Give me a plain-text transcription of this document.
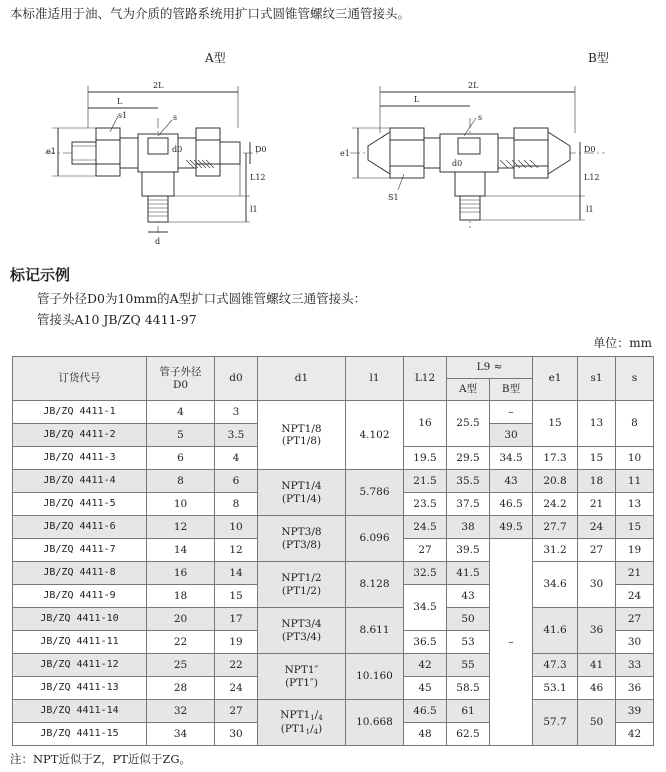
本标准适用于油、气为介质的管路系统用扩口式圆锥管螺纹三通管接头。
A型
2L
L
e1
s1	s
d0	D0
L12
l1
d
B型
2L
L
e1
s
S1
d0
D0
L12
l1
标记示例
管子外径D0为10mm的A型扩口式圆锥管螺纹三通管接头：
管接头A10 JB/ZQ 4411-97
单位：mm
订货代号	管子外径
D0	d0	d1	l1	L12	L9 ≈		e1	s1	s
						A型	B型			
JB/ZQ 4411-1	4	3	NPT1/8
(PT1/8)	4.102	16	25.5	–	15	13	8
JB/ZQ 4411-2	5	3.5					30			
JB/ZQ 4411-3	6	4			19.5	29.5	34.5	17.3	15	10
JB/ZQ 4411-4	8	6	NPT1/4
(PT1/4)	5.786	21.5	35.5	43	20.8	18	11
JB/ZQ 4411-5	10	8			23.5	37.5	46.5	24.2	21	13
JB/ZQ 4411-6	12	10	NPT3/8
(PT3/8)	6.096	24.5	38	49.5	27.7	24	15
JB/ZQ 4411-7	14	12			27	39.5	–	31.2	27	19
JB/ZQ 4411-8	16	14	NPT1/2
(PT1/2)	8.128	32.5	41.5		34.6	30	21
JB/ZQ 4411-9	18	15			34.5	43				24
JB/ZQ 4411-10	20	17	NPT3/4
(PT3/4)	8.611		50		41.6	36	27
JB/ZQ 4411-11	22	19			36.5	53				30
JB/ZQ 4411-12	25	22	NPT1″
(PT1″)	10.160	42	55		47.3	41	33
JB/ZQ 4411-13	28	24			45	58.5		53.1	46	36
JB/ZQ 4411-14	32	27	$NPT1^1/_4$
$(PT1^1/_4)$	10.668	46.5	61		57.7	50	39
JB/ZQ 4411-15	34	30			48	62.5				42
注：NPT近似于Z，PT近似于ZG。
